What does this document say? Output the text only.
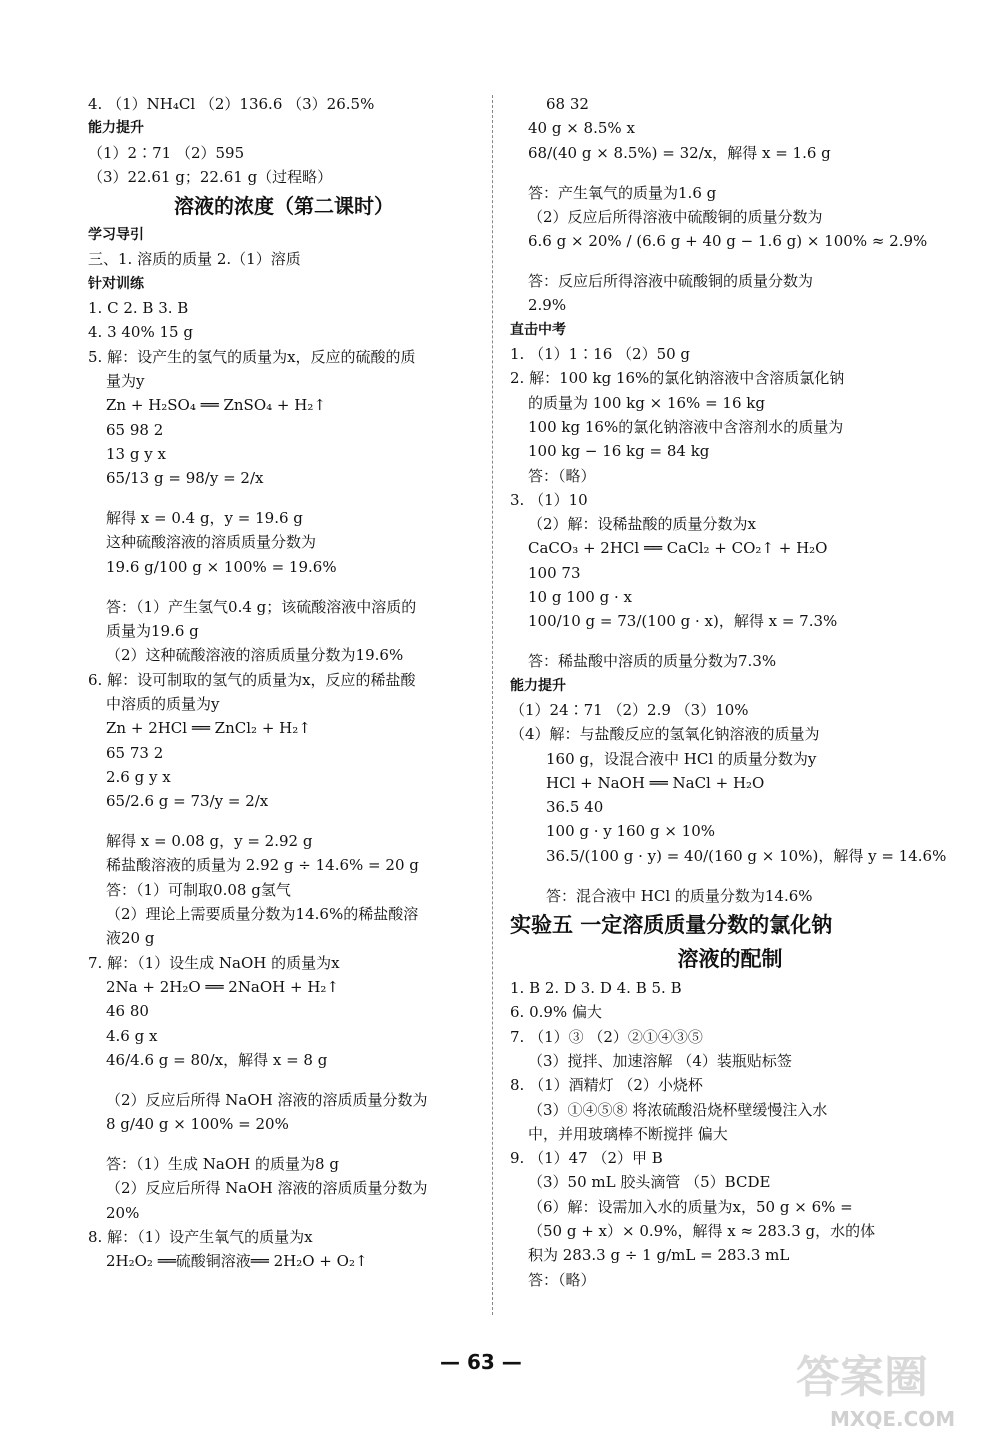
4. （1）NH₄Cl （2）136.6 （3）26.5%
能力提升
（1）2∶71 （2）595
（3）22.61 g；22.61 g（过程略）
溶液的浓度（第二课时）
学习导引
三、1. 溶质的质量 2.（1）溶质
针对训练
1. C 2. B 3. B
4. 3 40% 15 g
5. 解：设产生的氢气的质量为x，反应的硫酸的质
量为y
Zn + H₂SO₄ ══ ZnSO₄ + H₂↑
65 98 2
13 g y x
65/13 g = 98/y = 2/x
解得 x = 0.4 g，y = 19.6 g
这种硫酸溶液的溶质质量分数为
19.6 g/100 g × 100% = 19.6%
答：（1）产生氢气0.4 g；该硫酸溶液中溶质的
质量为19.6 g
（2）这种硫酸溶液的溶质质量分数为19.6%
6. 解：设可制取的氢气的质量为x，反应的稀盐酸
中溶质的质量为y
Zn + 2HCl ══ ZnCl₂ + H₂↑
65 73 2
2.6 g y x
65/2.6 g = 73/y = 2/x
解得 x = 0.08 g，y = 2.92 g
稀盐酸溶液的质量为 2.92 g ÷ 14.6% = 20 g
答：（1）可制取0.08 g氢气
（2）理论上需要质量分数为14.6%的稀盐酸溶
液20 g
7. 解：（1）设生成 NaOH 的质量为x
2Na + 2H₂O ══ 2NaOH + H₂↑
46 80
4.6 g x
46/4.6 g = 80/x，解得 x = 8 g
（2）反应后所得 NaOH 溶液的溶质质量分数为
8 g/40 g × 100% = 20%
答：（1）生成 NaOH 的质量为8 g
（2）反应后所得 NaOH 溶液的溶质质量分数为
20%
8. 解：（1）设产生氧气的质量为x
2H₂O₂ ══硫酸铜溶液══ 2H₂O + O₂↑
68 32
40 g × 8.5% x
68/(40 g × 8.5%) = 32/x，解得 x = 1.6 g
答：产生氧气的质量为1.6 g
（2）反应后所得溶液中硫酸铜的质量分数为
6.6 g × 20% / (6.6 g + 40 g − 1.6 g) × 100% ≈ 2.9%
答：反应后所得溶液中硫酸铜的质量分数为
2.9%
直击中考
1. （1）1∶16 （2）50 g
2. 解：100 kg 16%的氯化钠溶液中含溶质氯化钠
的质量为 100 kg × 16% = 16 kg
100 kg 16%的氯化钠溶液中含溶剂水的质量为
100 kg − 16 kg = 84 kg
答：（略）
3. （1）10
（2）解：设稀盐酸的质量分数为x
CaCO₃ + 2HCl ══ CaCl₂ + CO₂↑ + H₂O
100 73
10 g 100 g · x
100/10 g = 73/(100 g · x)，解得 x = 7.3%
答：稀盐酸中溶质的质量分数为7.3%
能力提升
（1）24∶71 （2）2.9 （3）10%
（4）解：与盐酸反应的氢氧化钠溶液的质量为
160 g，设混合液中 HCl 的质量分数为y
HCl + NaOH ══ NaCl + H₂O
36.5 40
100 g · y 160 g × 10%
36.5/(100 g · y) = 40/(160 g × 10%)，解得 y = 14.6%
答：混合液中 HCl 的质量分数为14.6%
实验五 一定溶质质量分数的氯化钠
溶液的配制
1. B 2. D 3. D 4. B 5. B
6. 0.9% 偏大
7. （1）③ （2）②①④③⑤
（3）搅拌、加速溶解 （4）装瓶贴标签
8. （1）酒精灯 （2）小烧杯
（3）①④⑤⑧ 将浓硫酸沿烧杯壁缓慢注入水
中，并用玻璃棒不断搅拌 偏大
9. （1）47 （2）甲 B
（3）50 mL 胶头滴管 （5）BCDE
（6）解：设需加入水的质量为x，50 g × 6% =
（50 g + x）× 0.9%，解得 x ≈ 283.3 g，水的体
积为 283.3 g ÷ 1 g/mL = 283.3 mL
答：（略）
— 63 —	答案圈
MXQE.COM
